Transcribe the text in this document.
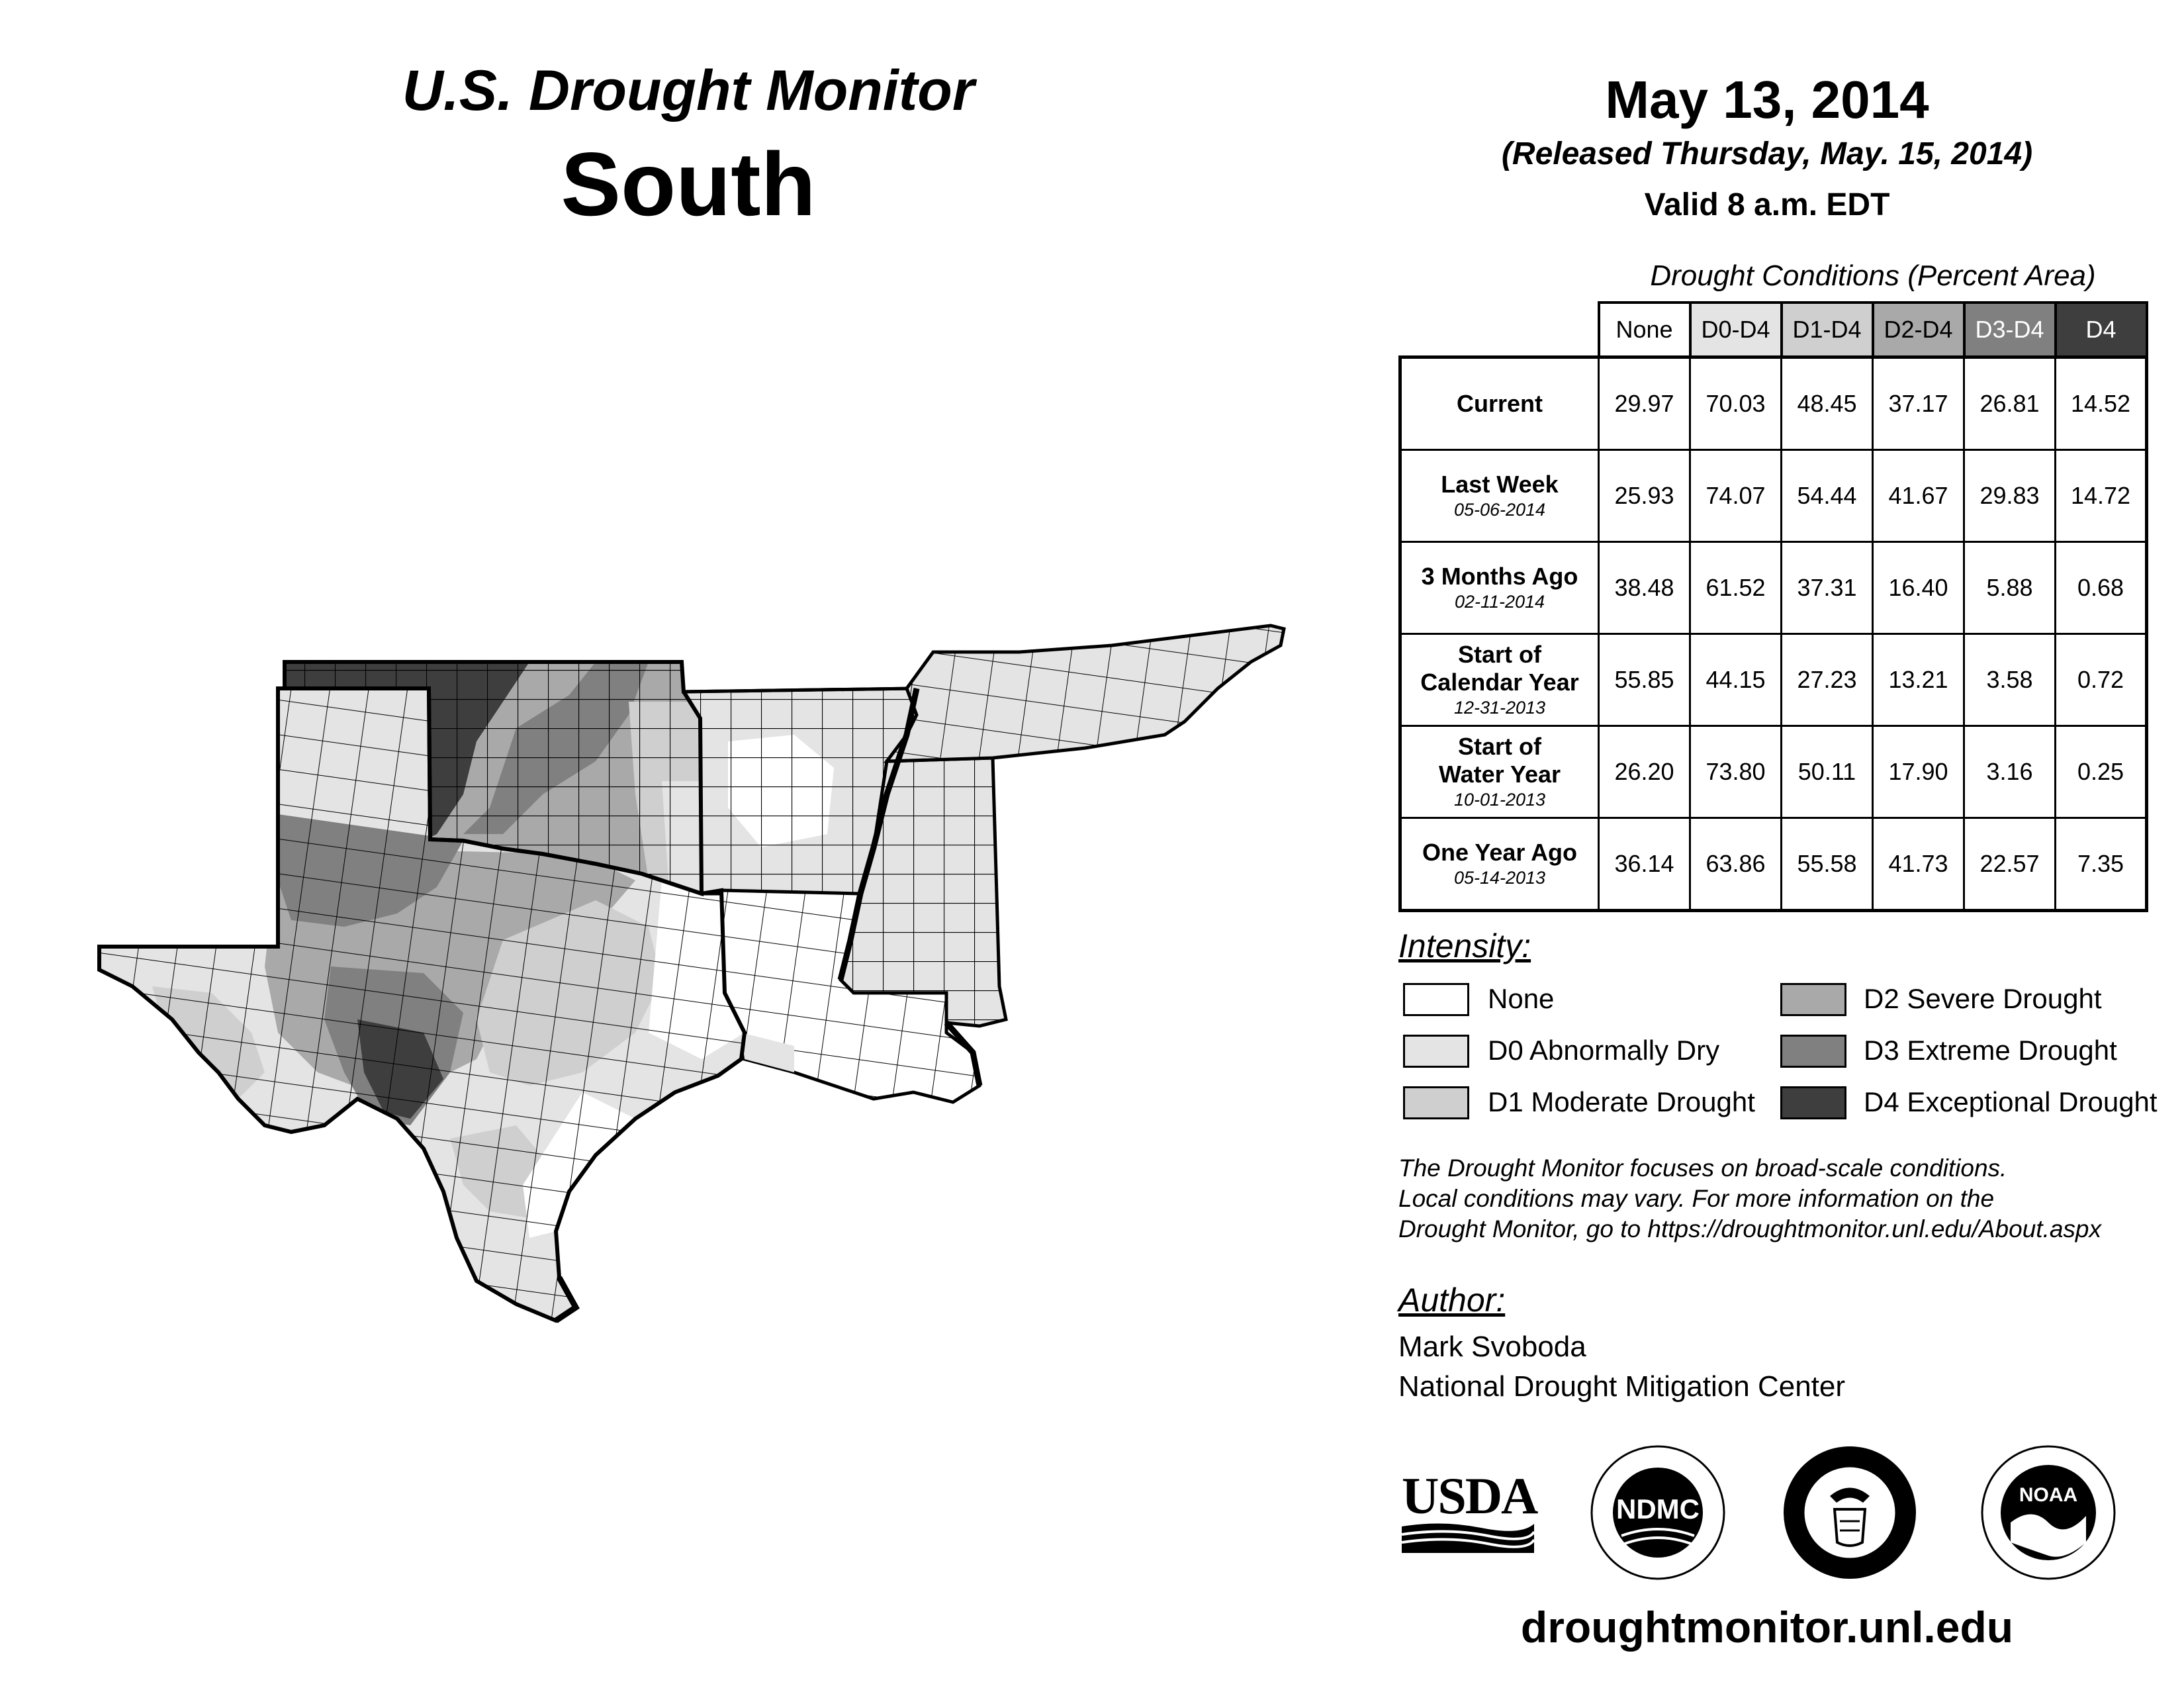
U.S. Drought Monitor
South
May 13, 2014
(Released Thursday, May. 15, 2014)
Valid 8 a.m. EDT
Drought Conditions (Percent Area)
	None	D0-D4	D1-D4	D2-D4	D3-D4	D4
Current	29.97	70.03	48.45	37.17	26.81	14.52
Last Week
05-06-2014	25.93	74.07	54.44	41.67	29.83	14.72
3 Months Ago
02-11-2014	38.48	61.52	37.31	16.40	5.88	0.68
Start of
Calendar Year
12-31-2013	55.85	44.15	27.23	13.21	3.58	0.72
Start of
Water Year
10-01-2013	26.20	73.80	50.11	17.90	3.16	0.25
One Year Ago
05-14-2013	36.14	63.86	55.58	41.73	22.57	7.35
Intensity:
None
D0 Abnormally Dry
D1 Moderate Drought
D2 Severe Drought
D3 Extreme Drought
D4 Exceptional Drought
The Drought Monitor focuses on broad-scale conditions.
Local conditions may vary. For more information on the
Drought Monitor, go to https://droughtmonitor.unl.edu/About.aspx
Author:
Mark Svoboda
National Drought Mitigation Center
USDA	NDMC	NOAA
droughtmonitor.unl.edu
